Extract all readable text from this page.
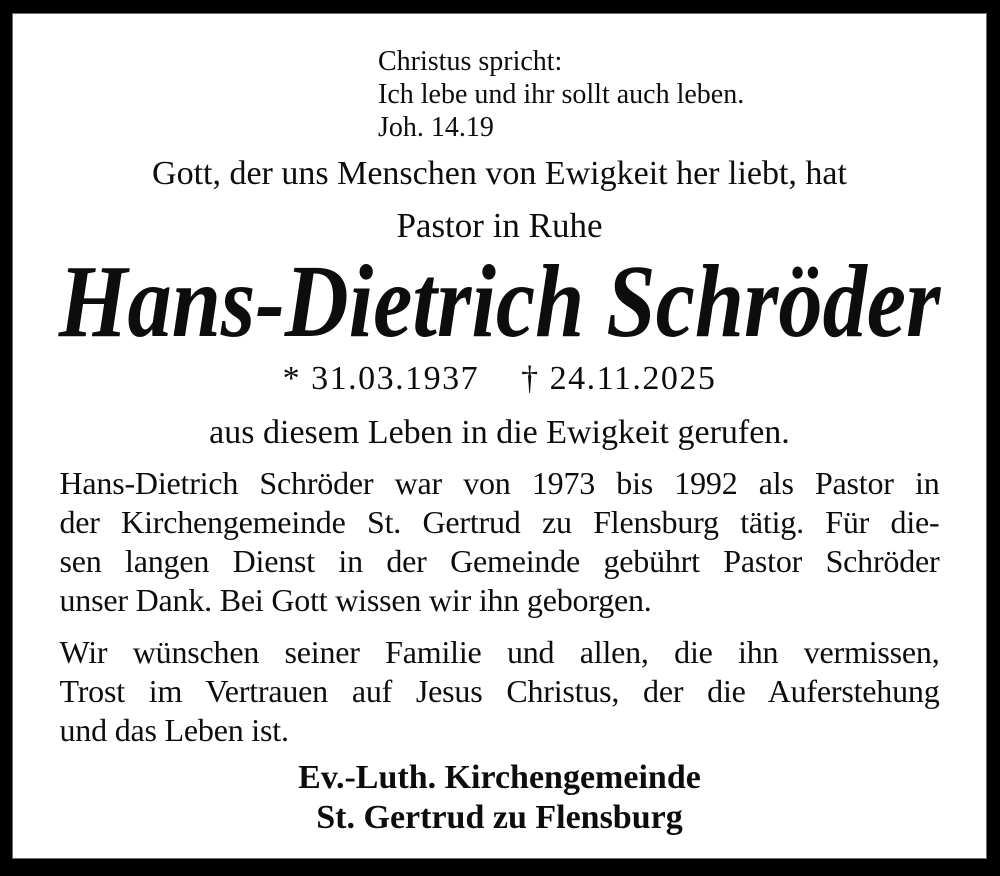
Christus spricht:
Ich lebe und ihr sollt auch leben.
Joh. 14.19
Gott, der uns Menschen von Ewigkeit her liebt, hat
Pastor in Ruhe
Hans-Dietrich Schröder
* 31.03.1937 † 24.11.2025
aus diesem Leben in die Ewigkeit gerufen.
Hans-Dietrich Schröder war von 1973 bis 1992 als Pastor in
der Kirchengemeinde St. Gertrud zu Flensburg tätig. Für die-
sen langen Dienst in der Gemeinde gebührt Pastor Schröder
unser Dank. Bei Gott wissen wir ihn geborgen.
Wir wünschen seiner Familie und allen, die ihn vermissen,
Trost im Vertrauen auf Jesus Christus, der die Auferstehung
und das Leben ist.
Ev.-Luth. Kirchengemeinde
St. Gertrud zu Flensburg
